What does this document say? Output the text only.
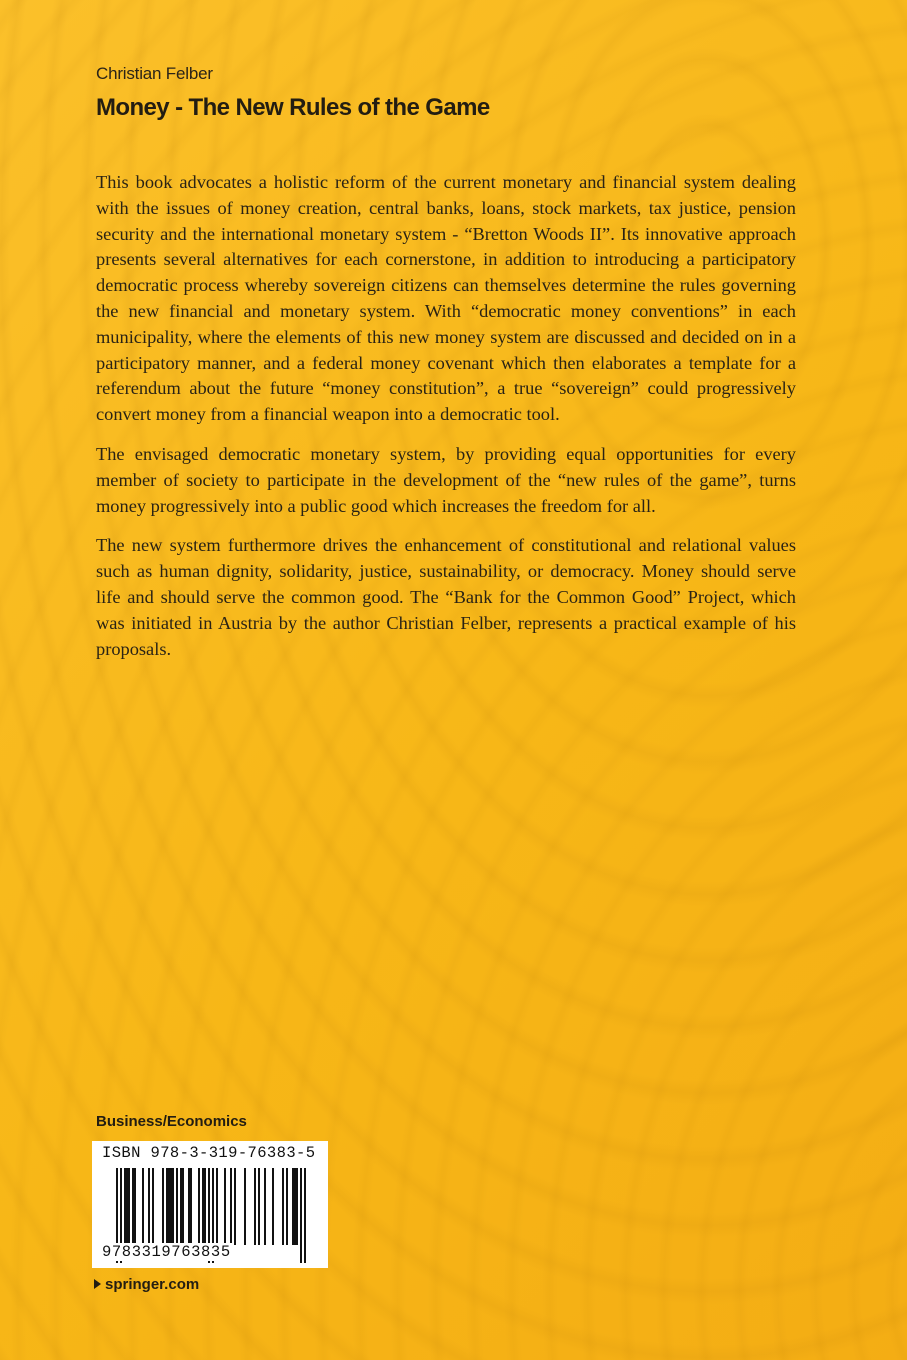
Christian Felber
Money - The New Rules of the Game

This book advocates a holistic reform of the current monetary and financial system dealing with the issues of money creation, central banks, loans, stock markets, tax justice, pension security and the international monetary system - “Bretton Woods II”. Its innovative approach presents several alternatives for each cornerstone, in addition to introducing a participatory democratic process whereby sovereign citizens can themselves determine the rules governing the new financial and monetary system. With “democratic money conventions” in each municipality, where the elements of this new money system are discussed and decided on in a participatory manner, and a federal money covenant which then elaborates a template for a referendum about the future “money constitution”, a true “sovereign” could progressively convert money from a financial weapon into a democratic tool.

The envisaged democratic monetary system, by providing equal opportunities for every member of society to participate in the development of the “new rules of the game”, turns money progressively into a public good which increases the freedom for all.

The new system furthermore drives the enhancement of constitutional and relational values such as human dignity, solidarity, justice, sustainability, or democracy. Money should serve life and should serve the common good. The “Bank for the Common Good” Project, which was initiated in Austria by the author Christian Felber, represents a practical example of his proposals.

Business/Economics
ISBN 978-3-319-76383-5
9783319763835
springer.com
